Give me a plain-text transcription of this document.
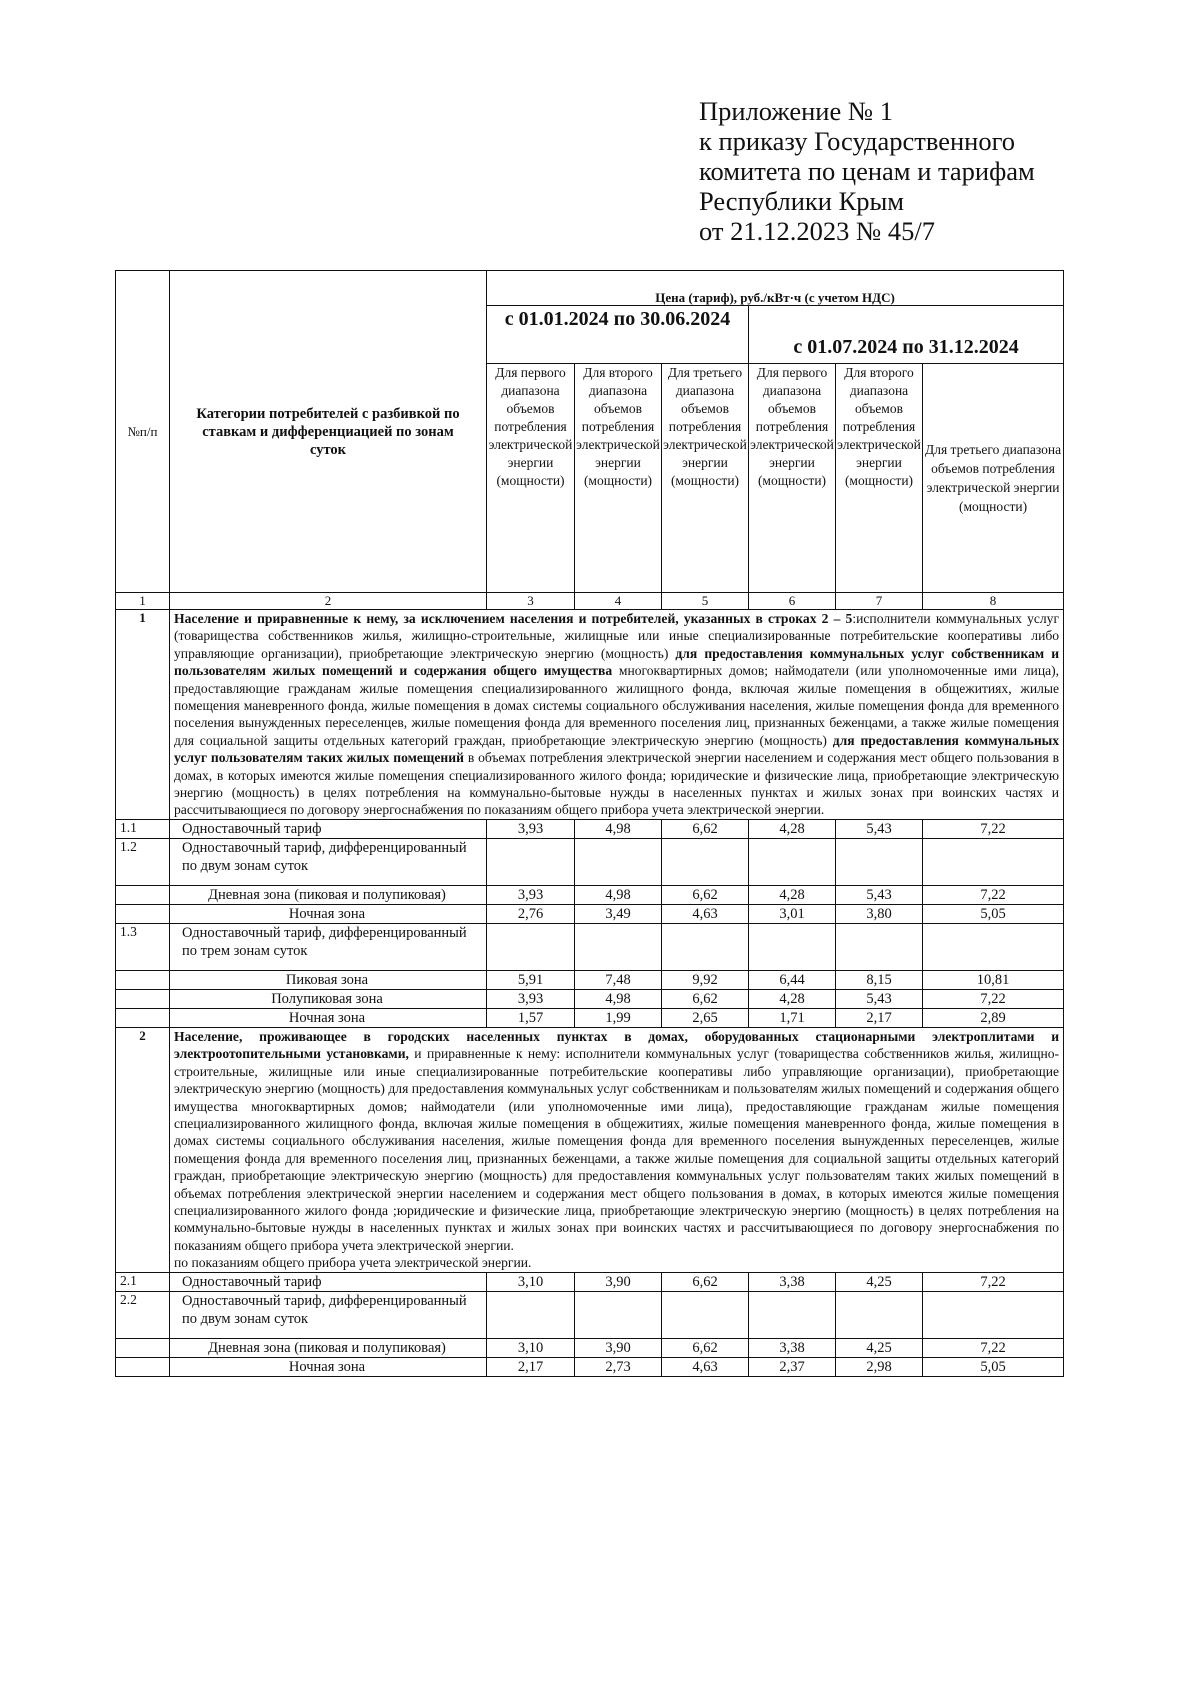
Приложение № 1
к приказу Государственного
комитета по ценам и тарифам
Республики Крым
от 21.12.2023 № 45/7
№п/п	Категории потребителей с разбивкой по ставкам и дифференциацией по зонам суток	Цена (тариф), руб./кВт·ч (с учетом НДС)					
		с 01.01.2024 по 30.06.2024			с 01.07.2024 по 31.12.2024		
		Для первого диапазона объемов потребления электрической энергии (мощности)	Для второго диапазона объемов потребления электрической энергии (мощности)	Для третьего диапазона объемов потребления электрической энергии (мощности)	Для первого диапазона объемов потребления электрической энергии (мощности)	Для второго диапазона объемов потребления электрической энергии (мощности)	Для третьего диапазона объемов потребления электрической энергии (мощности)
1	2	3	4	5	6	7	8
1	Население и приравненные к нему, за исключением населения и потребителей, указанных в строках 2 – 5:исполнители коммунальных услуг (товарищества собственников жилья, жилищно-строительные, жилищные или иные специализированные потребительские кооперативы либо управляющие организации), приобретающие электрическую энергию (мощность) для предоставления коммунальных услуг собственникам и пользователям жилых помещений и содержания общего имущества многоквартирных домов; наймодатели (или уполномоченные ими лица), предоставляющие гражданам жилые помещения специализированного жилищного фонда, включая жилые помещения в общежитиях, жилые помещения маневренного фонда, жилые помещения в домах системы социального обслуживания населения, жилые помещения фонда для временного поселения вынужденных переселенцев, жилые помещения фонда для временного поселения лиц, признанных беженцами, а также жилые помещения для социальной защиты отдельных категорий граждан, приобретающие электрическую энергию (мощность) для предоставления коммунальных услуг пользователям таких жилых помещений в объемах потребления электрической энергии населением и содержания мест общего пользования в домах, в которых имеются жилые помещения специализированного жилого фонда; юридические и физические лица, приобретающие электрическую энергию (мощность) в целях потребления на коммунально-бытовые нужды в населенных пунктах и жилых зонах при воинских частях и рассчитывающиеся по договору энергоснабжения по показаниям общего прибора учета электрической энергии.						
1.1	Одноставочный тариф	3,93	4,98	6,62	4,28	5,43	7,22
1.2	Одноставочный тариф, дифференцированный по двум зонам суток						
	Дневная зона (пиковая и полупиковая)	3,93	4,98	6,62	4,28	5,43	7,22
	Ночная зона	2,76	3,49	4,63	3,01	3,80	5,05
1.3	Одноставочный тариф, дифференцированный по трем зонам суток						
	Пиковая зона	5,91	7,48	9,92	6,44	8,15	10,81
	Полупиковая зона	3,93	4,98	6,62	4,28	5,43	7,22
	Ночная зона	1,57	1,99	2,65	1,71	2,17	2,89
2	Население, проживающее в городских населенных пунктах в домах, оборудованных стационарными электроплитами и электроотопительными установками, и приравненные к нему: исполнители коммунальных услуг (товарищества собственников жилья, жилищно-строительные, жилищные или иные специализированные потребительские кооперативы либо управляющие организации), приобретающие электрическую энергию (мощность) для предоставления коммунальных услуг собственникам и пользователям жилых помещений и содержания общего имущества многоквартирных домов; наймодатели (или уполномоченные ими лица), предоставляющие гражданам жилые помещения специализированного жилищного фонда, включая жилые помещения в общежитиях, жилые помещения маневренного фонда, жилые помещения в домах системы социального обслуживания населения, жилые помещения фонда для временного поселения вынужденных переселенцев, жилые помещения фонда для временного поселения лиц, признанных беженцами, а также жилые помещения для социальной защиты отдельных категорий граждан, приобретающие электрическую энергию (мощность) для предоставления коммунальных услуг пользователям таких жилых помещений в объемах потребления электрической энергии населением и содержания мест общего пользования в домах, в которых имеются жилые помещения специализированного жилого фонда ;юридические и физические лица, приобретающие электрическую энергию (мощность) в целях потребления на коммунально-бытовые нужды в населенных пунктах и жилых зонах при воинских частях и рассчитывающиеся по договору энергоснабжения по показаниям общего прибора учета электрической энергии.
по показаниям общего прибора учета электрической энергии.						
2.1	Одноставочный тариф	3,10	3,90	6,62	3,38	4,25	7,22
2.2	Одноставочный тариф, дифференцированный по двум зонам суток						
	Дневная зона (пиковая и полупиковая)	3,10	3,90	6,62	3,38	4,25	7,22
	Ночная зона	2,17	2,73	4,63	2,37	2,98	5,05
